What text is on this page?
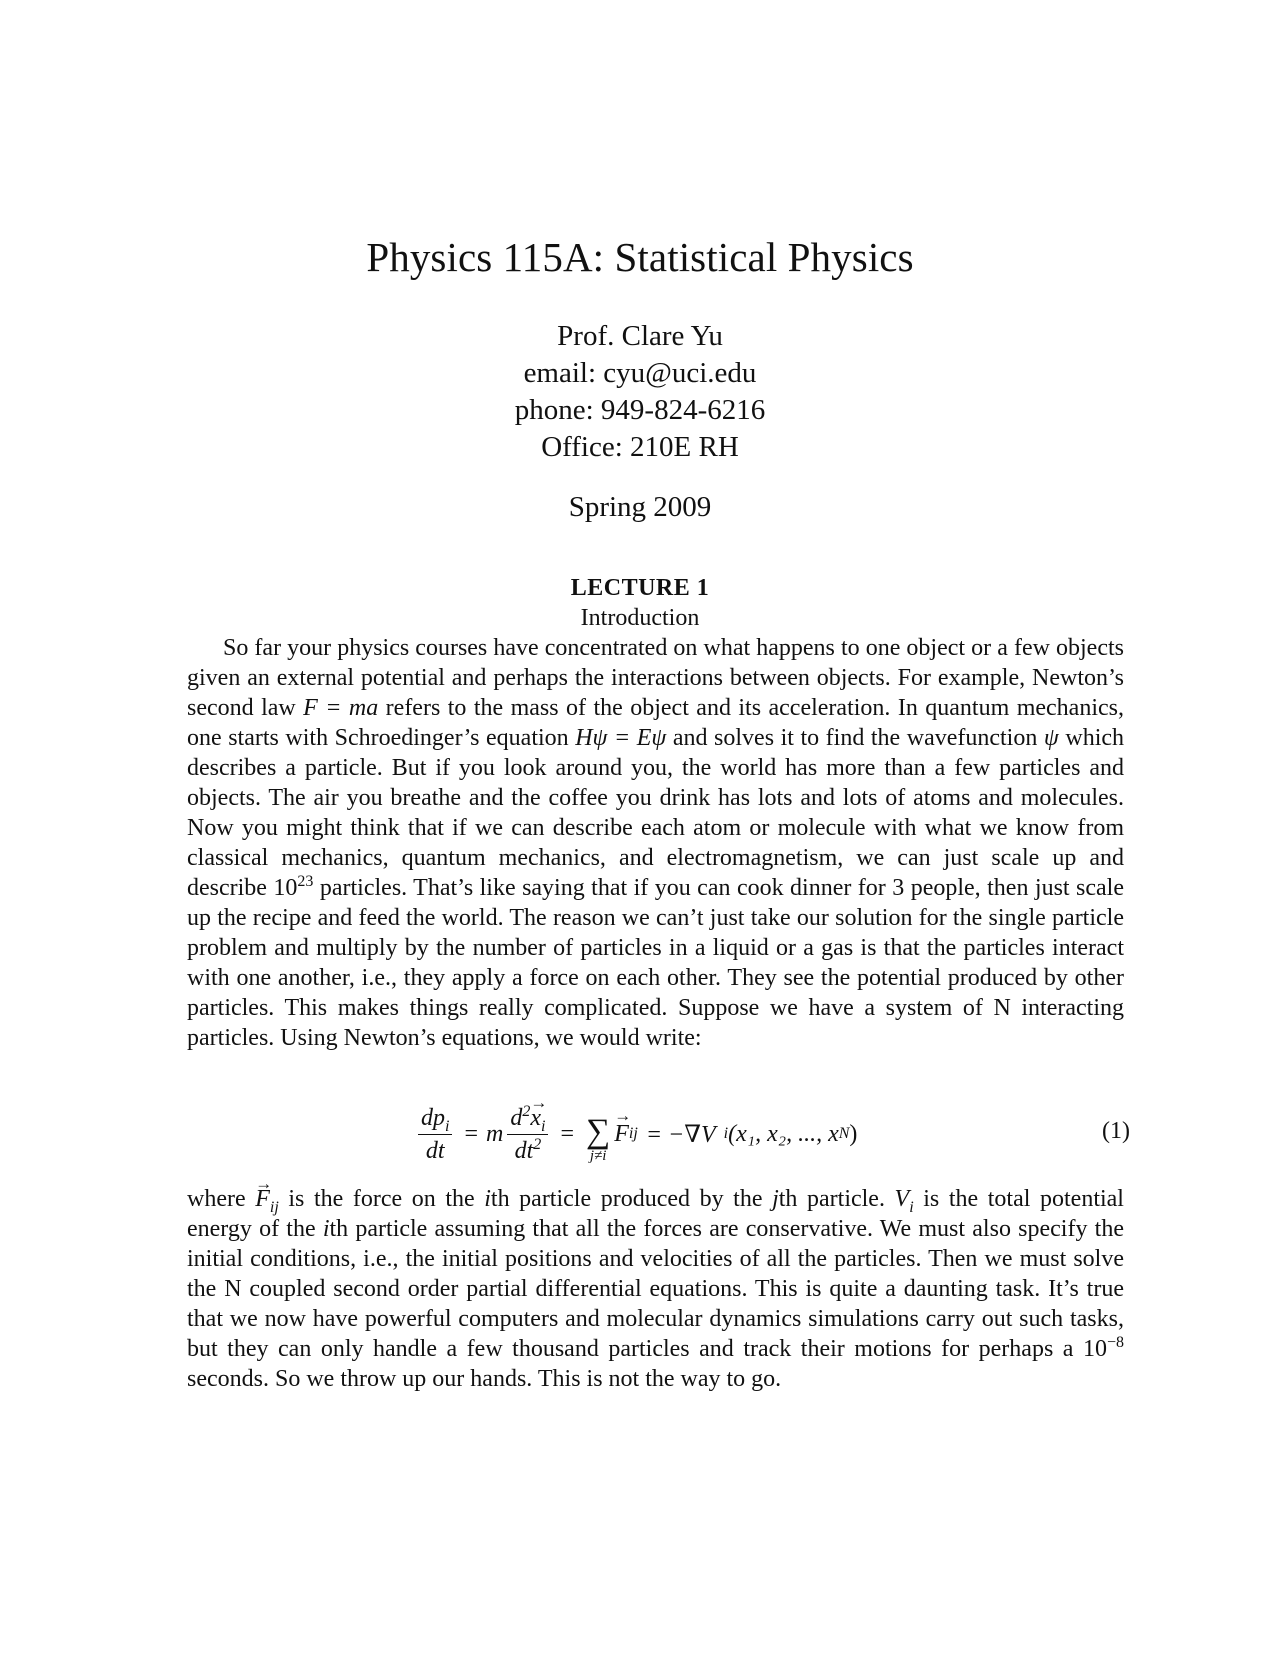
Physics 115A: Statistical Physics
Prof. Clare Yu
email: cyu@uci.edu
phone: 949-824-6216
Office: 210E RH
Spring 2009
LECTURE 1
Introduction

So far your physics courses have concentrated on what happens to one object or a few objects given an external potential and perhaps the interactions between objects. For example, Newton’s second law F = ma refers to the mass of the object and its acceleration. In quantum mechanics, one starts with Schroedinger’s equation Hψ = Eψ and solves it to find the wavefunction ψ which describes a particle. But if you look around you, the world has more than a few particles and objects. The air you breathe and the coffee you drink has lots and lots of atoms and molecules. Now you might think that if we can describe each atom or molecule with what we know from classical mechanics, quantum mechanics, and electromagnetism, we can just scale up and describe $10^{23}$ particles. That’s like saying that if you can cook dinner for 3 people, then just scale up the recipe and feed the world. The reason we can’t just take our solution for the single particle problem and multiply by the number of particles in a liquid or a gas is that the particles interact with one another, i.e., they apply a force on each other. They see the potential produced by other particles. This makes things really complicated. Suppose we have a system of N interacting particles. Using Newton’s equations, we would write:

$\frac{dp_i}{dt} = m \frac{d^2\to x_i}{dt^2}$ = ∑
j≠i
→ F ij = −∇V i (x₁, x₂, ..., x N )	(1)

where → $F_{ij}$ is the force on the ith particle produced by the jth particle. $V_i$ is the total potential energy of the ith particle assuming that all the forces are conservative. We must also specify the initial conditions, i.e., the initial positions and velocities of all the particles. Then we must solve the N coupled second order partial differential equations. This is quite a daunting task. It’s true that we now have powerful computers and molecular dynamics simulations carry out such tasks, but they can only handle a few thousand particles and track their motions for perhaps a $10^{-8}$ seconds. So we throw up our hands. This is not the way to go.
